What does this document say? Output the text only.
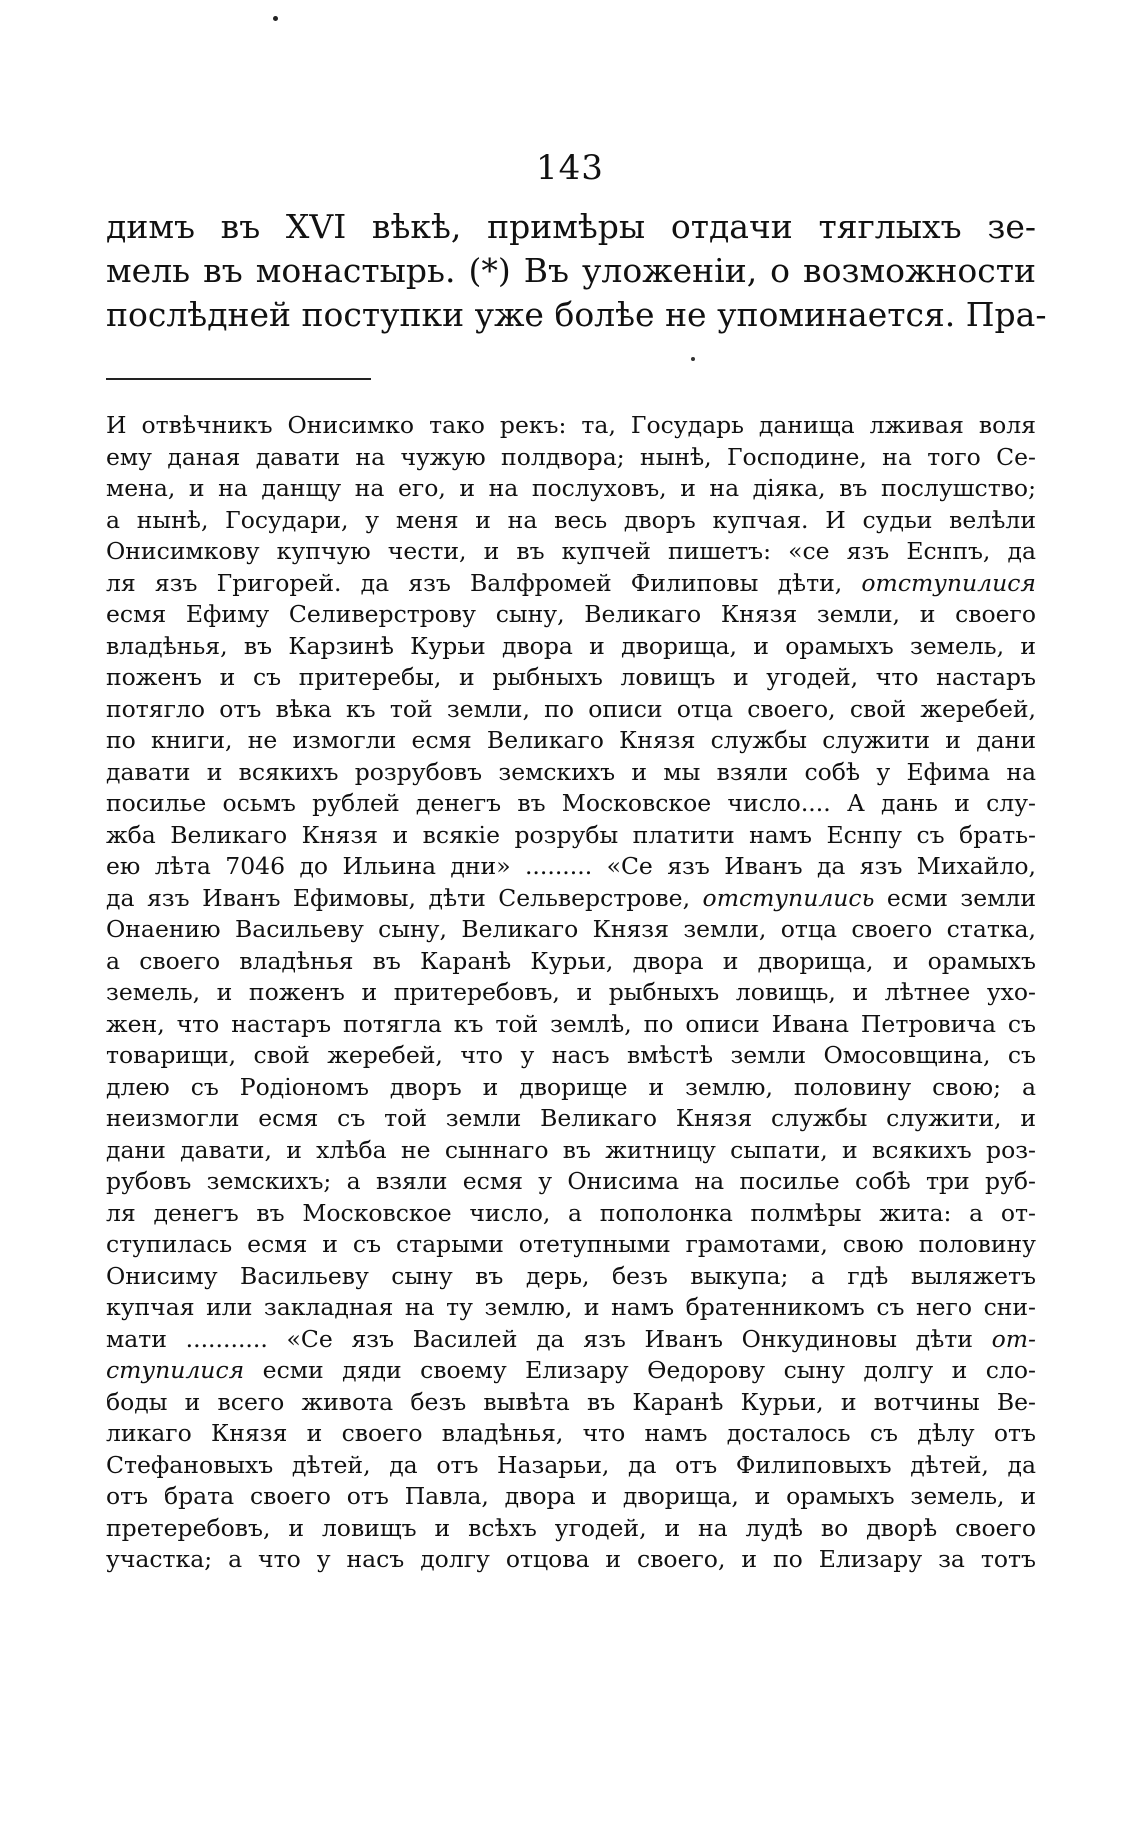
143
димъ въ XVI вѣкѣ, примѣры отдачи тяглыхъ зе-
мель въ монастырь. (*) Въ уложеніи, о возможности
послѣдней поступки уже болѣе не упоминается. Пра-
И отвѣчникъ Онисимко тако рекъ: та, Государь данища лживая воля
ему даная давати на чужую полдвора; нынѣ, Господине, на того Се-
мена, и на данщу на его, и на послуховъ, и на дiяка, въ послушство;
а нынѣ, Государи, у меня и на весь дворъ купчая. И судьи велѣли
Онисимкову купчую чести, и въ купчей пишетъ: «се язъ Еснпъ, да
ля язъ Григорей. да язъ Валфромей Филиповы дѣти, отступилися
есмя Ефиму Селиверстрову сыну, Великаго Князя земли, и своего
владѣнья, въ Карзинѣ Курьи двора и дворища, и орамыхъ земель, и
поженъ и съ притеребы, и рыбныхъ ловищъ и угодей, что настаръ
потягло отъ вѣка къ той земли, по описи отца своего, свой жеребей,
по книги, не измогли есмя Великаго Князя службы служити и дани
давати и всякихъ розрубовъ земскихъ и мы взяли собѣ у Ефима на
посилье осьмъ рублей денегъ въ Московское число.... А дань и слу-
жба Великаго Князя и всякіе розрубы платити намъ Еснпу съ брать-
ею лѣта 7046 до Ильина дни» ......... «Се язъ Иванъ да язъ Михайло,
да язъ Иванъ Ефимовы, дѣти Сельверстрове, отступились есми земли
Онаению Васильеву сыну, Великаго Князя земли, отца своего статка,
а своего владѣнья въ Каранѣ Курьи, двора и дворища, и орамыхъ
земель, и поженъ и притеребовъ, и рыбныхъ ловищь, и лѣтнее ухо-
жен, что настаръ потягла къ той землѣ, по описи Ивана Петровича съ
товарищи, свой жеребей, что у насъ вмѣстѣ земли Омосовщина, съ
длею съ Родіономъ дворъ и дворище и землю, половину свою; а
неизмогли есмя съ той земли Великаго Князя службы служити, и
дани давати, и хлѣба не сыннаго въ житницу сыпати, и всякихъ роз-
рубовъ земскихъ; а взяли есмя у Онисима на посилье собѣ три руб-
ля денегъ въ Московское число, а пополонка полмѣры жита: а от-
ступилась есмя и съ старыми отетупными грамотами, свою половину
Онисиму Васильеву сыну въ дерь, безъ выкупа; а гдѣ выляжетъ
купчая или закладная на ту землю, и намъ братенникомъ съ него сни-
мати ........... «Се язъ Василей да язъ Иванъ Онкудиновы дѣти от-
ступилися есми дяди своему Елизару Ѳедорову сыну долгу и сло-
боды и всего живота безъ вывѣта въ Каранѣ Курьи, и вотчины Ве-
ликаго Князя и своего владѣнья, что намъ досталось съ дѣлу отъ
Стефановыхъ дѣтей, да отъ Назарьи, да отъ Филиповыхъ дѣтей, да
отъ брата своего отъ Павла, двора и дворища, и орамыхъ земель, и
претеребовъ, и ловищъ и всѣхъ угодей, и на лудѣ во дворѣ своего
участка; а что у насъ долгу отцова и своего, и по Елизару за тотъ
